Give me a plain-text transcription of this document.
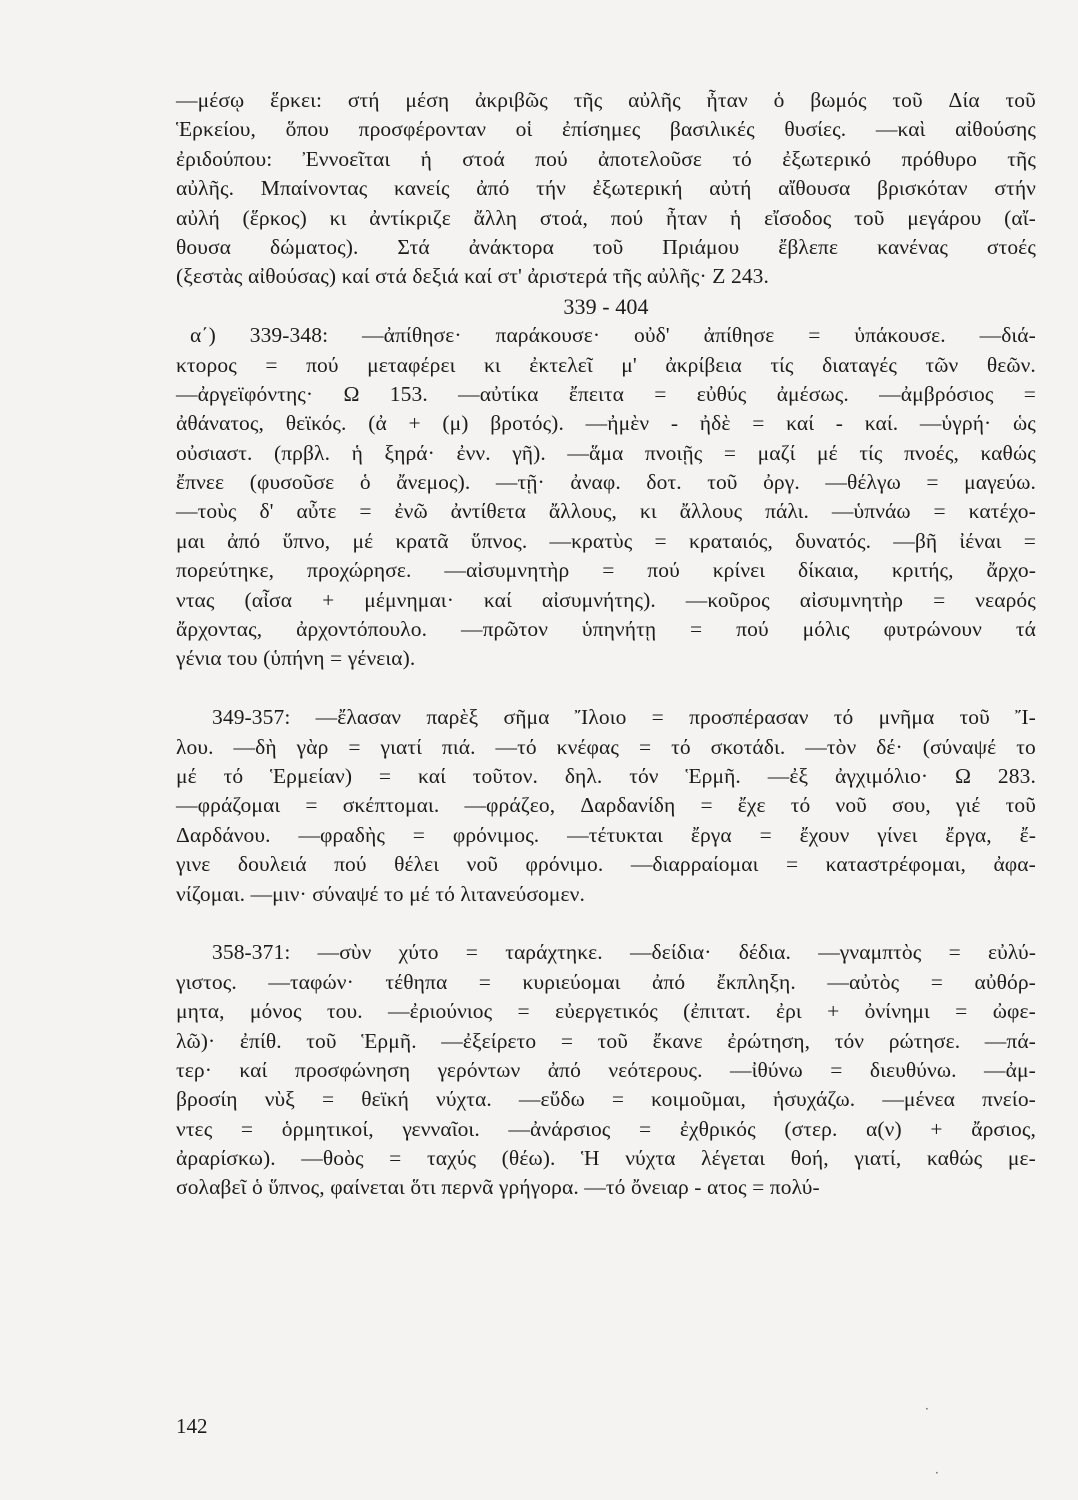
—μέσῳ ἕρκει: στή μέση ἀκριβῶς τῆς αὐλῆς ἦταν ὁ βωμός τοῦ Δία τοῦ
Ἑρκείου, ὅπου προσφέρονταν οἱ ἐπίσημες βασιλικές θυσίες. —καὶ αἰθούσης
ἐριδούπου: Ἐννοεῖται ἡ στοά πού ἀποτελοῦσε τό ἐξωτερικό πρόθυρο τῆς
αὐλῆς. Μπαίνοντας κανείς ἀπό τήν ἐξωτερική αὐτή αἴθουσα βρισκόταν στήν
αὐλή (ἕρκος) κι ἀντίκριζε ἄλλη στοά, πού ἦταν ἡ εἴσοδος τοῦ μεγάρου (αἴ-
θουσα δώματος). Στά ἀνάκτορα τοῦ Πριάμου ἔβλεπε κανένας στοές
(ξεστὰς αἰθούσας) καί στά δεξιά καί στ' ἀριστερά τῆς αὐλῆς· Ζ 243.
339 - 404
α΄) 339-348: —ἀπίθησε· παράκουσε· οὐδ' ἀπίθησε = ὑπάκουσε. —διά-
κτορος = πού μεταφέρει κι ἐκτελεῖ μ' ἀκρίβεια τίς διαταγές τῶν θεῶν.
—ἀργεϊφόντης· Ω 153. —αὐτίκα ἔπειτα = εὐθύς ἀμέσως. —ἀμβρόσιος =
ἀθάνατος, θεϊκός. (ἀ + (μ) βροτός). —ἠμὲν - ἠδὲ = καί - καί. —ὑγρή· ὡς
οὐσιαστ. (πρβλ. ἡ ξηρά· ἐνν. γῆ). —ἅμα πνοιῇς = μαζί μέ τίς πνοές, καθώς
ἔπνεε (φυσοῦσε ὁ ἄνεμος). —τῇ· ἀναφ. δοτ. τοῦ ὀργ. —θέλγω = μαγεύω.
—τοὺς δ' αὖτε = ἐνῶ ἀντίθετα ἄλλους, κι ἄλλους πάλι. —ὑπνάω = κατέχο-
μαι ἀπό ὕπνο, μέ κρατᾶ ὕπνος. —κρατὺς = κραταιός, δυνατός. —βῆ ἰέναι =
πορεύτηκε, προχώρησε. —αἰσυμνητὴρ = πού κρίνει δίκαια, κριτής, ἄρχο-
ντας (αἶσα + μέμνημαι· καί αἰσυμνήτης). —κοῦρος αἰσυμνητὴρ = νεαρός
ἄρχοντας, ἀρχοντόπουλο. —πρῶτον ὑπηνήτῃ = πού μόλις φυτρώνουν τά
γένια του (ὑπήνη = γένεια).
349-357: —ἔλασαν παρὲξ σῆμα Ἴλοιο = προσπέρασαν τό μνῆμα τοῦ Ἴ-
λου. —δὴ γὰρ = γιατί πιά. —τό κνέφας = τό σκοτάδι. —τὸν δέ· (σύναψέ το
μέ τό Ἑρμείαν) = καί τοῦτον. δηλ. τόν Ἑρμῆ. —ἐξ ἀγχιμόλιο· Ω 283.
—φράζομαι = σκέπτομαι. —φράζεο, Δαρδανίδη = ἔχε τό νοῦ σου, γιέ τοῦ
Δαρδάνου. —φραδὴς = φρόνιμος. —τέτυκται ἔργα = ἔχουν γίνει ἔργα, ἔ-
γινε δουλειά πού θέλει νοῦ φρόνιμο. —διαρραίομαι = καταστρέφομαι, ἀφα-
νίζομαι. —μιν· σύναψέ το μέ τό λιτανεύσομεν.
358-371: —σὺν χύτο = ταράχτηκε. —δείδια· δέδια. —γναμπτὸς = εὐλύ-
γιστος. —ταφών· τέθηπα = κυριεύομαι ἀπό ἔκπληξη. —αὐτὸς = αὐθόρ-
μητα, μόνος του. —ἐριούνιος = εὐεργετικός (ἐπιτατ. ἐρι + ὀνίνημι = ὠφε-
λῶ)· ἐπίθ. τοῦ Ἑρμῆ. —ἐξείρετο = τοῦ ἔκανε ἐρώτηση, τόν ρώτησε. —πά-
τερ· καί προσφώνηση γερόντων ἀπό νεότερους. —ἰθύνω = διευθύνω. —ἀμ-
βροσίη νὺξ = θεϊκή νύχτα. —εὕδω = κοιμοῦμαι, ἡσυχάζω. —μένεα πνείο-
ντες = ὁρμητικοί, γενναῖοι. —ἀνάρσιος = ἐχθρικός (στερ. α(ν) + ἄρσιος,
ἀραρίσκω). —θοὸς = ταχύς (θέω). Ἡ νύχτα λέγεται θοή, γιατί, καθώς με-
σολαβεῖ ὁ ὕπνος, φαίνεται ὅτι περνᾶ γρήγορα. —τό ὄνειαρ - ατος = πολύ-
142
·
·
